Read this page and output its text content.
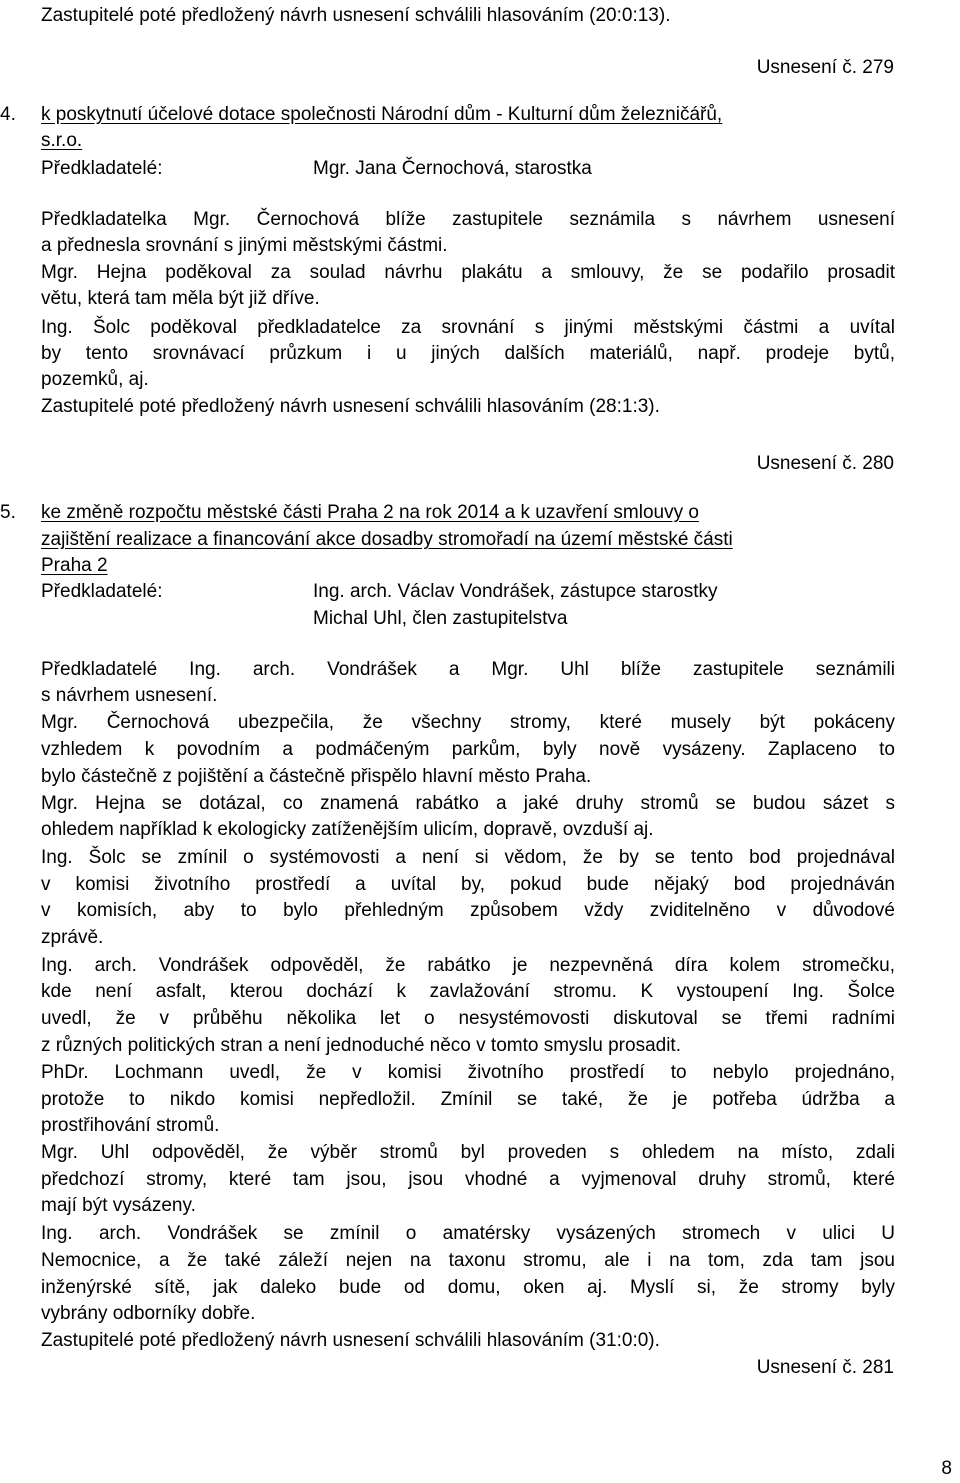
Zastupitelé poté předložený návrh usnesení schválili hlasováním (20:0:13).
Usnesení č. 279
4. k poskytnutí účelové dotace společnosti Národní dům - Kulturní dům železničářů,
s.r.o.
Předkladatelé:	Mgr. Jana Černochová, starostka
Předkladatelka Mgr. Černochová blíže zastupitele seznámila s návrhem usnesení
a přednesla srovnání s jinými městskými částmi.
Mgr. Hejna poděkoval za soulad návrhu plakátu a smlouvy, že se podařilo prosadit
větu, která tam měla být již dříve.
Ing. Šolc poděkoval předkladatelce za srovnání s jinými městskými částmi a uvítal
by tento srovnávací průzkum i u jiných dalších materiálů, např. prodeje bytů,
pozemků, aj.
Zastupitelé poté předložený návrh usnesení schválili hlasováním (28:1:3).
Usnesení č. 280
5. ke změně rozpočtu městské části Praha 2 na rok 2014 a k uzavření smlouvy o
zajištění realizace a financování akce dosadby stromořadí na území městské části
Praha 2
Předkladatelé:	Ing. arch. Václav Vondrášek, zástupce starostky
Michal Uhl, člen zastupitelstva
Předkladatelé Ing. arch. Vondrášek a Mgr. Uhl blíže zastupitele seznámili
s návrhem usnesení.
Mgr. Černochová ubezpečila, že všechny stromy, které musely být pokáceny
vzhledem k povodním a podmáčeným parkům, byly nově vysázeny. Zaplaceno to
bylo částečně z pojištění a částečně přispělo hlavní město Praha.
Mgr. Hejna se dotázal, co znamená rabátko a jaké druhy stromů se budou sázet s
ohledem například k ekologicky zatíženějším ulicím, dopravě, ovzduší aj.
Ing. Šolc se zmínil o systémovosti a není si vědom, že by se tento bod projednával
v komisi životního prostředí a uvítal by, pokud bude nějaký bod projednáván
v komisích, aby to bylo přehledným způsobem vždy zviditelněno v důvodové
zprávě.
Ing. arch. Vondrášek odpověděl, že rabátko je nezpevněná díra kolem stromečku,
kde není asfalt, kterou dochází k zavlažování stromu. K vystoupení Ing. Šolce
uvedl, že v průběhu několika let o nesystémovosti diskutoval se třemi radními
z různých politických stran a není jednoduché něco v tomto smyslu prosadit.
PhDr. Lochmann uvedl, že v komisi životního prostředí to nebylo projednáno,
protože to nikdo komisi nepředložil. Zmínil se také, že je potřeba údržba a
prostřihování stromů.
Mgr. Uhl odpověděl, že výběr stromů byl proveden s ohledem na místo, zdali
předchozí stromy, které tam jsou, jsou vhodné a vyjmenoval druhy stromů, které
mají být vysázeny.
Ing. arch. Vondrášek se zmínil o amatérsky vysázených stromech v ulici U
Nemocnice, a že také záleží nejen na taxonu stromu, ale i na tom, zda tam jsou
inženýrské sítě, jak daleko bude od domu, oken aj. Myslí si, že stromy byly
vybrány odborníky dobře.
Zastupitelé poté předložený návrh usnesení schválili hlasováním (31:0:0).
Usnesení č. 281
8
